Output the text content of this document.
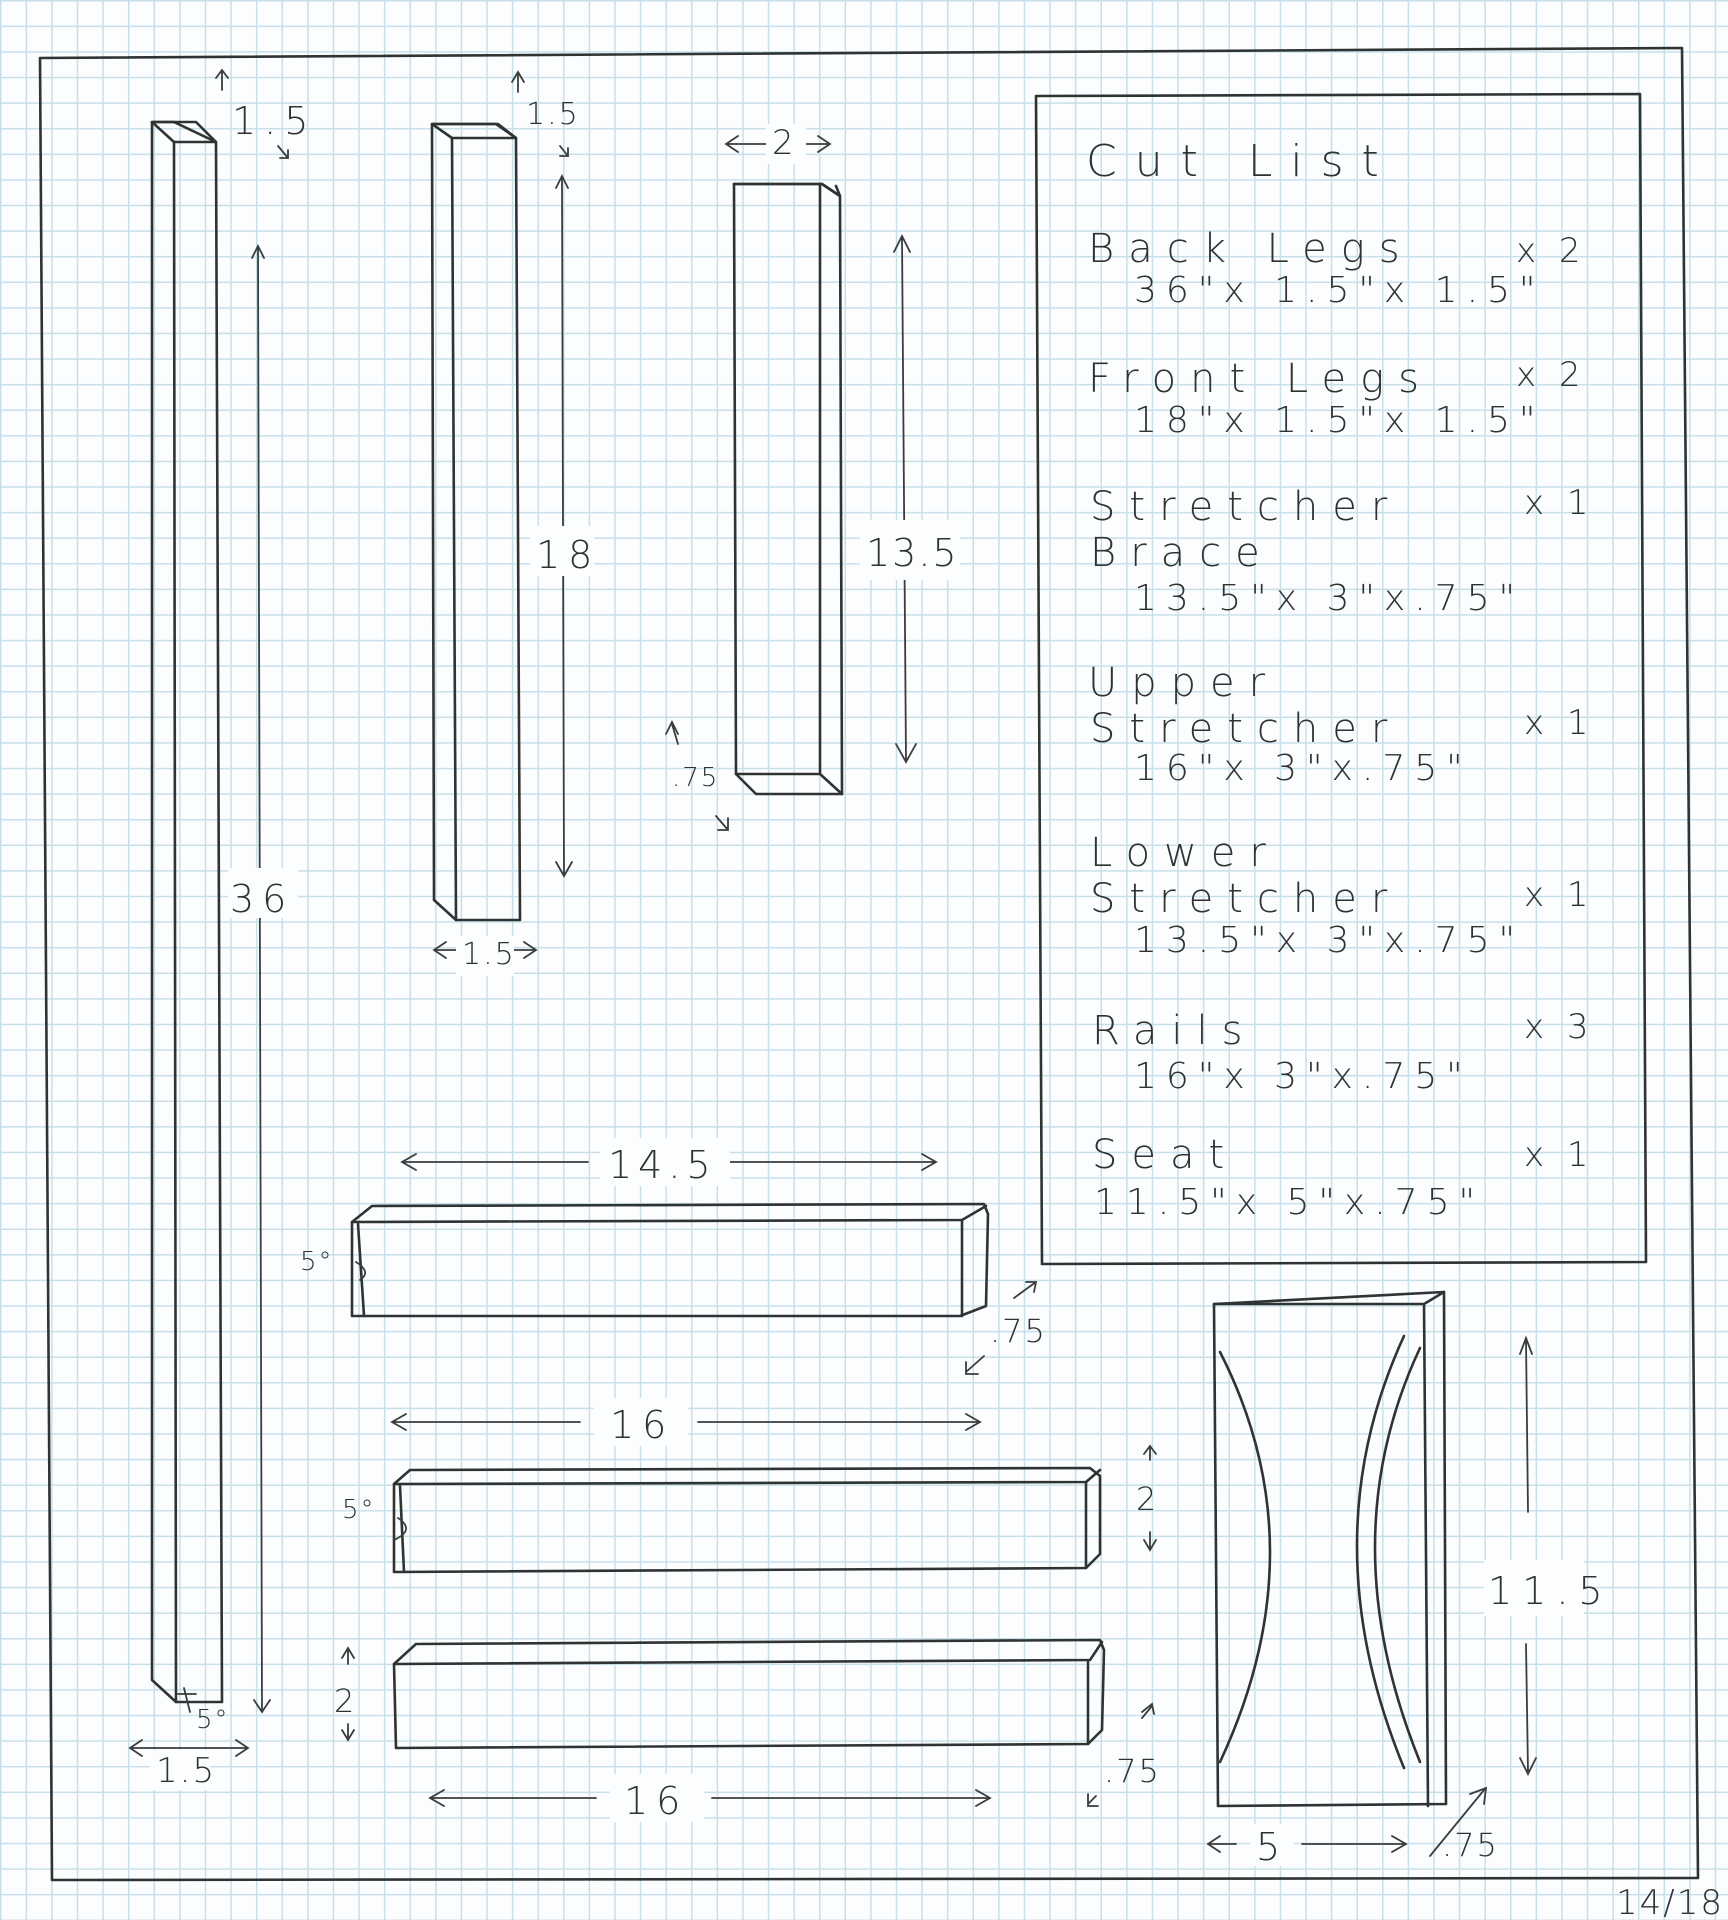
1.5
36
1.5
5°
1.5
18
1.5
2
13.5
.75
14.5
5°
.75
16
5°	2
2
16
.75
11.5
5	.75
Cut List
Back Legs
36"x 1.5"x 1.5"
x 2
Front Legs
18"x 1.5"x 1.5"
x 2
Stretcher
Brace
13.5"x 3"x.75"
x 1
Upper
Stretcher
16"x 3"x.75"
x 1
Lower
Stretcher
13.5"x 3"x.75"
x 1
Rails
16"x 3"x.75"
x 3
Seat
11.5"x 5"x.75"
x 1
14/18
